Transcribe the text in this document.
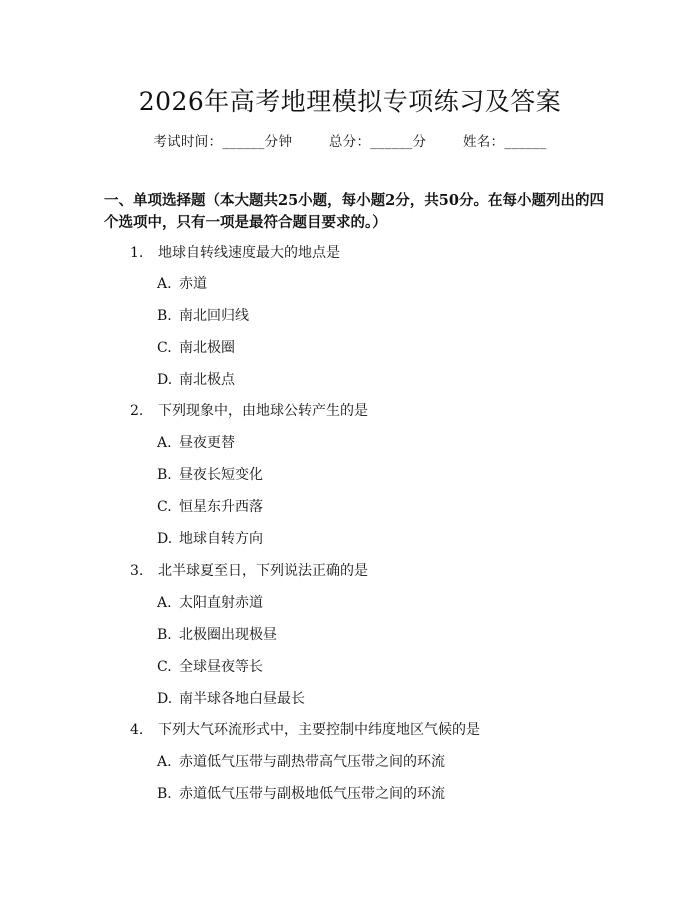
2026年高考地理模拟专项练习及答案
考试时间：______分钟	总分：______分	姓名：______
一、单项选择题（本大题共25小题，每小题2分，共50分。在每小题列出的四个选项中，只有一项是最符合题目要求的。）
1. 地球自转线速度最大的地点是
A. 赤道
B. 南北回归线
C. 南北极圈
D. 南北极点
2. 下列现象中，由地球公转产生的是
A. 昼夜更替
B. 昼夜长短变化
C. 恒星东升西落
D. 地球自转方向
3. 北半球夏至日，下列说法正确的是
A. 太阳直射赤道
B. 北极圈出现极昼
C. 全球昼夜等长
D. 南半球各地白昼最长
4. 下列大气环流形式中，主要控制中纬度地区气候的是
A. 赤道低气压带与副热带高气压带之间的环流
B. 赤道低气压带与副极地低气压带之间的环流
